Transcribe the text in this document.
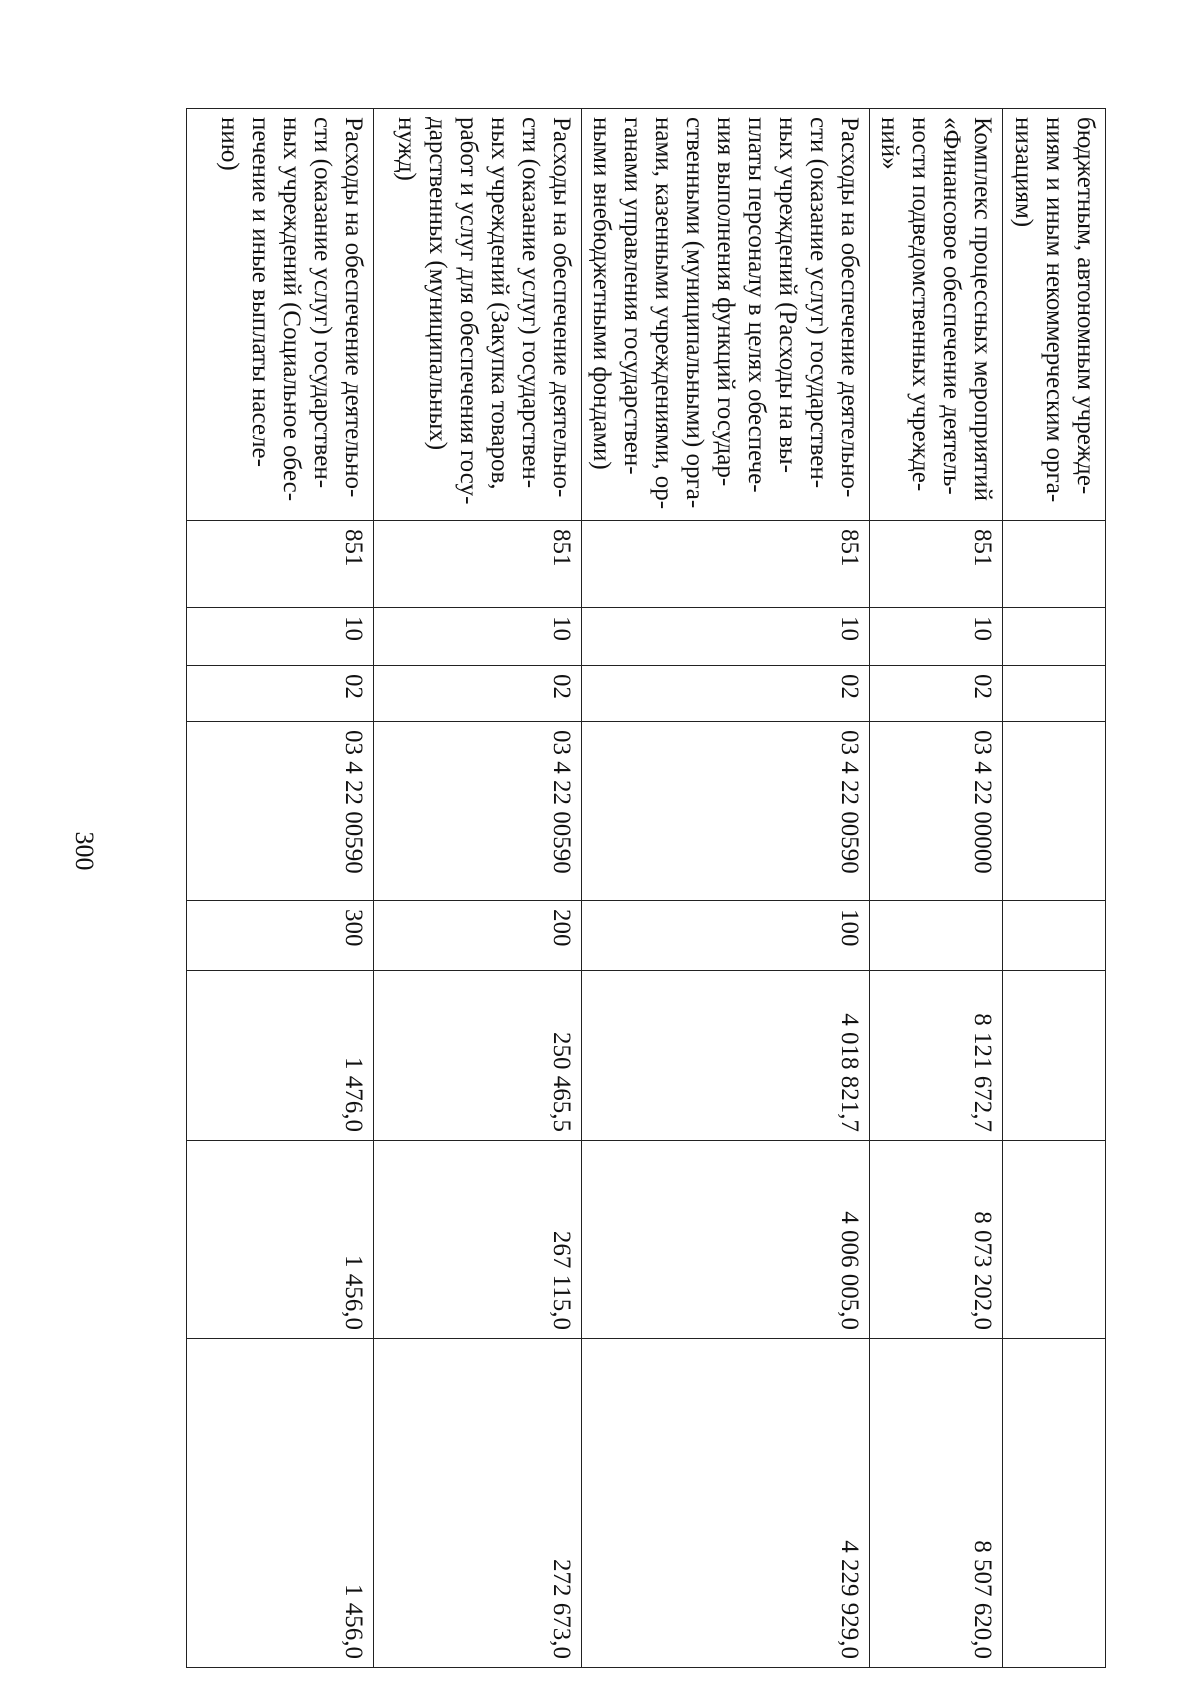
300
бюджетным, автономным учрежде-ниям и иным некоммерческим орга-низациям)								
Комплекс процессных мероприятий «Финансовое обеспечение деятель-ности подведомственных учрежде-ний»	851	10	02	03 4 22 00000		8 121 672,7	8 073 202,0	8 507 620,0
Расходы на обеспечение деятельно-сти (оказание услуг) государствен-ных учреждений (Расходы на вы-платы персоналу в целях обеспече-ния выполнения функций государ-ственными (муниципальными) орга-нами, казенными учреждениями, ор-ганами управления государствен-ными внебюджетными фондами)	851	10	02	03 4 22 00590	100	4 018 821,7	4 006 005,0	4 229 929,0
Расходы на обеспечение деятельно-сти (оказание услуг) государствен-ных учреждений (Закупка товаров, работ и услуг для обеспечения госу-дарственных (муниципальных) нужд)	851	10	02	03 4 22 00590	200	250 465,5	267 115,0	272 673,0
Расходы на обеспечение деятельно-сти (оказание услуг) государствен-ных учреждений (Социальное обес-печение и иные выплаты населе-нию)	851	10	02	03 4 22 00590	300	1 476,0	1 456,0	1 456,0
